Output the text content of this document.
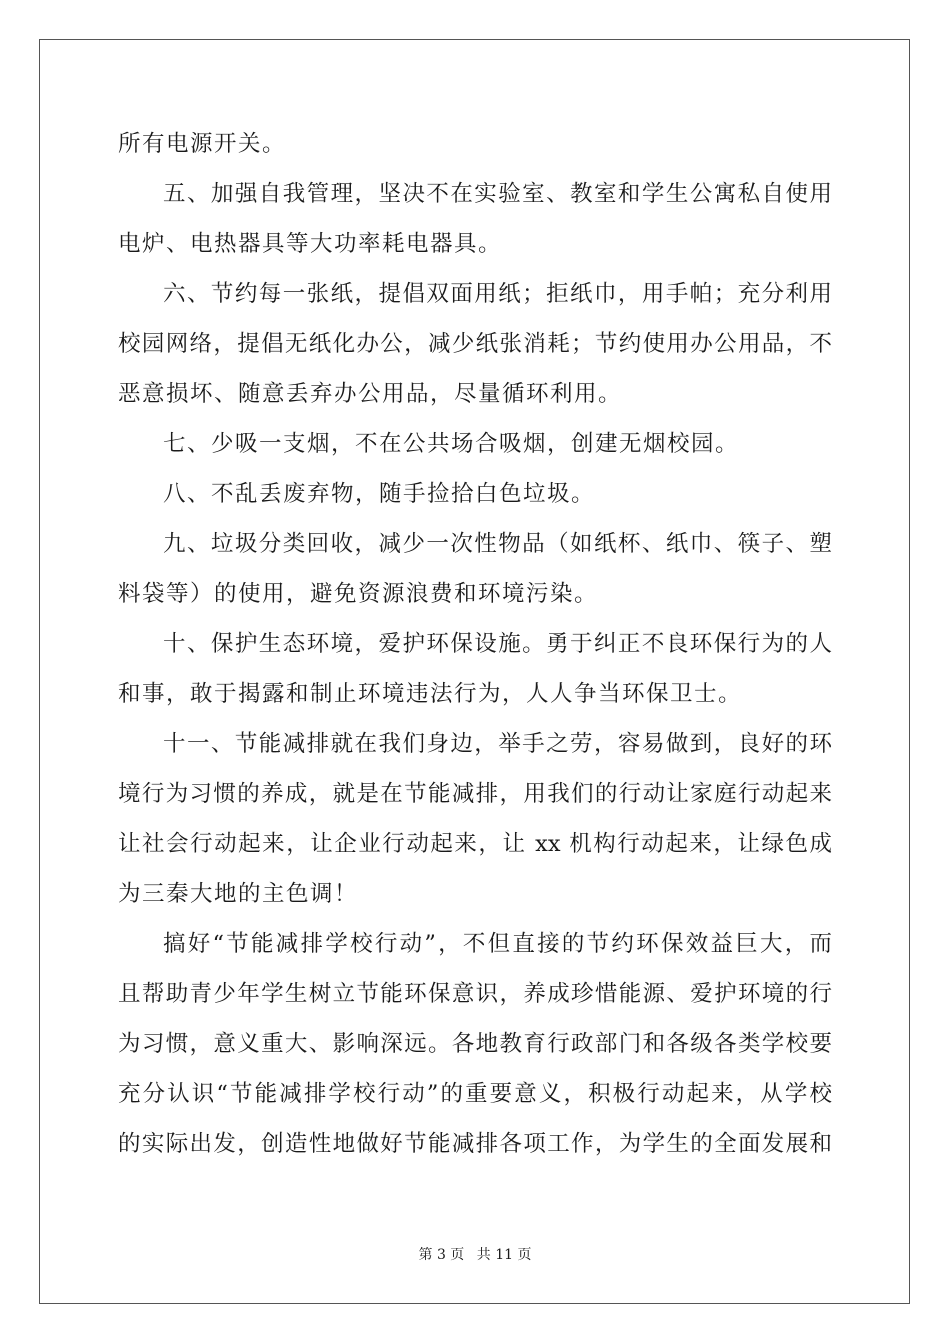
所有电源开关。
五、加强自我管理，坚决不在实验室、教室和学生公寓私自使用
电炉、电热器具等大功率耗电器具。
六、节约每一张纸，提倡双面用纸；拒纸巾，用手帕；充分利用
校园网络，提倡无纸化办公，减少纸张消耗；节约使用办公用品，不
恶意损坏、随意丢弃办公用品，尽量循环利用。
七、少吸一支烟，不在公共场合吸烟，创建无烟校园。
八、不乱丢废弃物，随手捡拾白色垃圾。
九、垃圾分类回收，减少一次性物品（如纸杯、纸巾、筷子、塑
料袋等）的使用，避免资源浪费和环境污染。
十、保护生态环境，爱护环保设施。勇于纠正不良环保行为的人
和事，敢于揭露和制止环境违法行为，人人争当环保卫士。
十一、节能减排就在我们身边，举手之劳，容易做到，良好的环
境行为习惯的养成，就是在节能减排，用我们的行动让家庭行动起来
让社会行动起来，让企业行动起来，让 xx 机构行动起来，让绿色成
为三秦大地的主色调！
搞好“节能减排学校行动”，不但直接的节约环保效益巨大，而
且帮助青少年学生树立节能环保意识，养成珍惜能源、爱护环境的行
为习惯，意义重大、影响深远。各地教育行政部门和各级各类学校要
充分认识“节能减排学校行动”的重要意义，积极行动起来，从学校
的实际出发，创造性地做好节能减排各项工作，为学生的全面发展和
第 3 页 共 11 页
